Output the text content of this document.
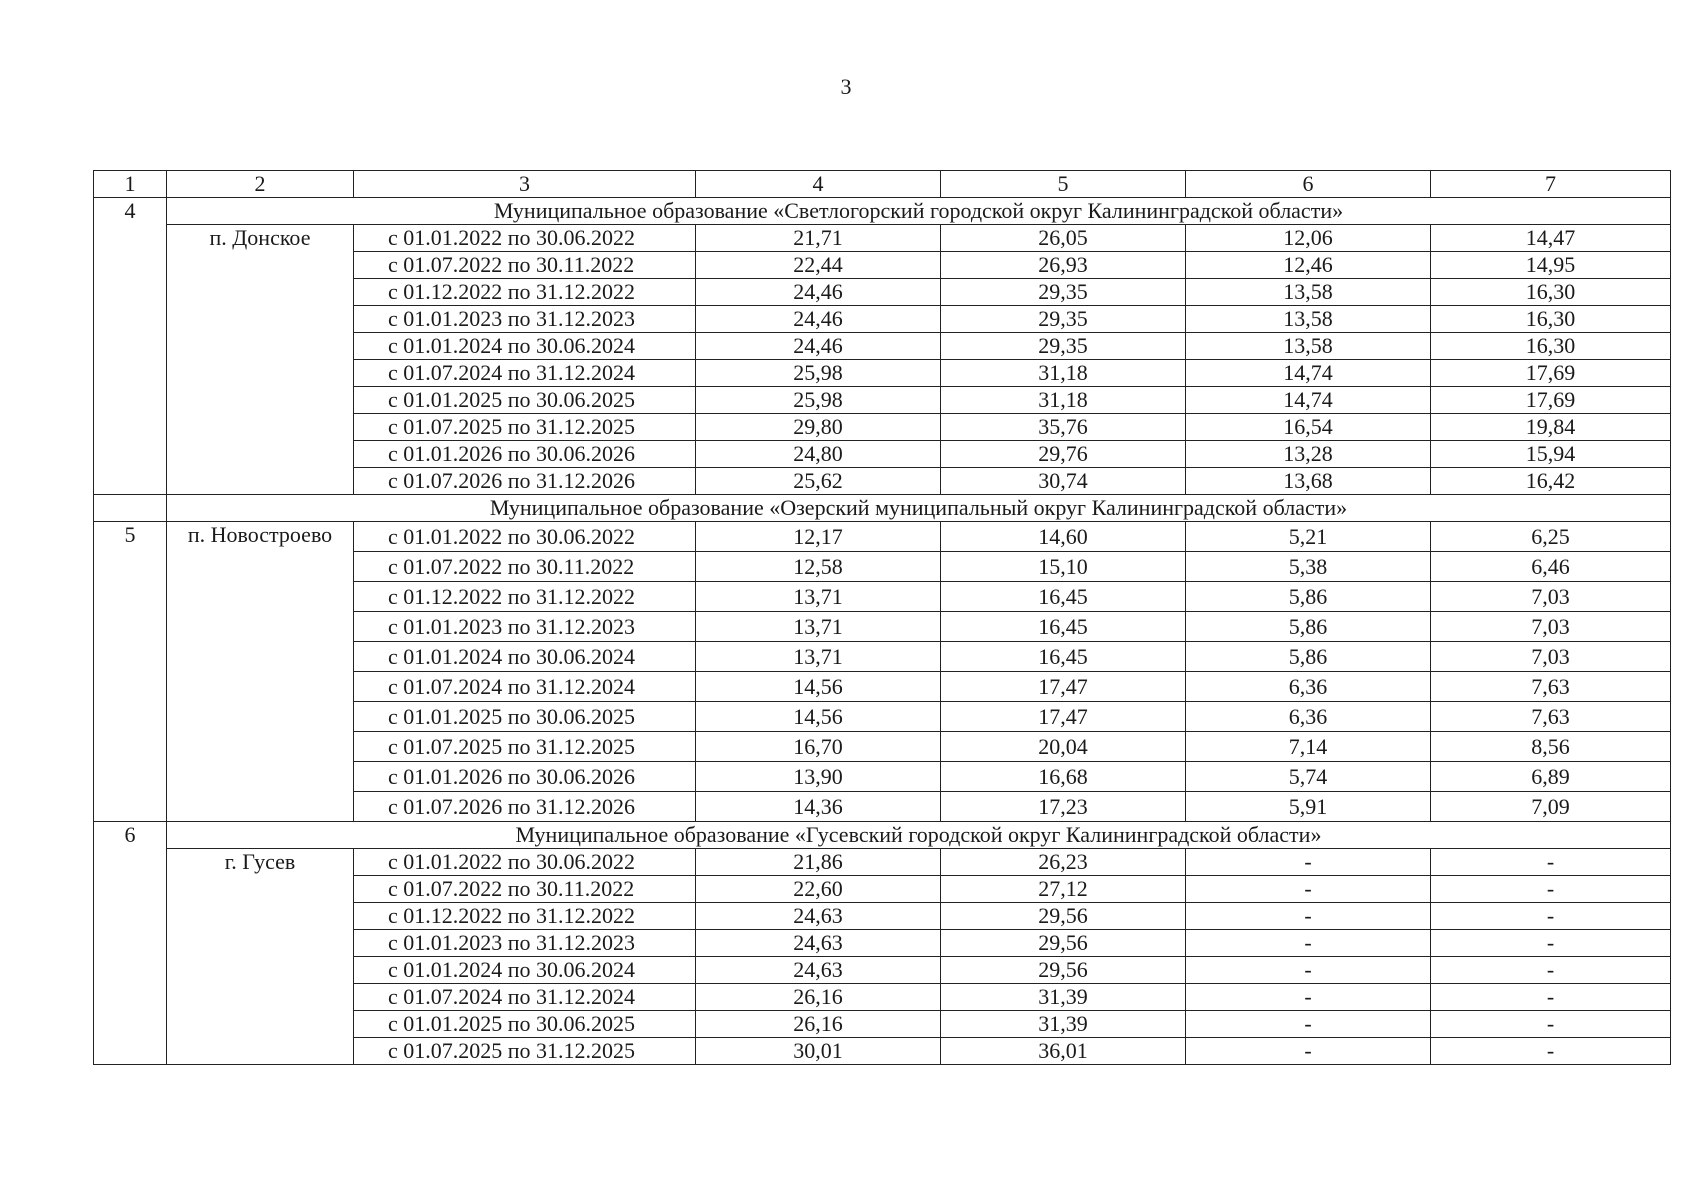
3
1	2	3	4	5	6	7
4	Муниципальное образование «Светлогорский городской округ Калининградской области»					
	п. Донское	с 01.01.2022 по 30.06.2022	21,71	26,05	12,06	14,47
		с 01.07.2022 по 30.11.2022	22,44	26,93	12,46	14,95
		с 01.12.2022 по 31.12.2022	24,46	29,35	13,58	16,30
		с 01.01.2023 по 31.12.2023	24,46	29,35	13,58	16,30
		с 01.01.2024 по 30.06.2024	24,46	29,35	13,58	16,30
		с 01.07.2024 по 31.12.2024	25,98	31,18	14,74	17,69
		с 01.01.2025 по 30.06.2025	25,98	31,18	14,74	17,69
		с 01.07.2025 по 31.12.2025	29,80	35,76	16,54	19,84
		с 01.01.2026 по 30.06.2026	24,80	29,76	13,28	15,94
		с 01.07.2026 по 31.12.2026	25,62	30,74	13,68	16,42
	Муниципальное образование «Озерский муниципальный округ Калининградской области»					
5	п. Новостроево	с 01.01.2022 по 30.06.2022	12,17	14,60	5,21	6,25
		с 01.07.2022 по 30.11.2022	12,58	15,10	5,38	6,46
		с 01.12.2022 по 31.12.2022	13,71	16,45	5,86	7,03
		с 01.01.2023 по 31.12.2023	13,71	16,45	5,86	7,03
		с 01.01.2024 по 30.06.2024	13,71	16,45	5,86	7,03
		с 01.07.2024 по 31.12.2024	14,56	17,47	6,36	7,63
		с 01.01.2025 по 30.06.2025	14,56	17,47	6,36	7,63
		с 01.07.2025 по 31.12.2025	16,70	20,04	7,14	8,56
		с 01.01.2026 по 30.06.2026	13,90	16,68	5,74	6,89
		с 01.07.2026 по 31.12.2026	14,36	17,23	5,91	7,09
6	Муниципальное образование «Гусевский городской округ Калининградской области»					
	г. Гусев	с 01.01.2022 по 30.06.2022	21,86	26,23	-	-
		с 01.07.2022 по 30.11.2022	22,60	27,12	-	-
		с 01.12.2022 по 31.12.2022	24,63	29,56	-	-
		с 01.01.2023 по 31.12.2023	24,63	29,56	-	-
		с 01.01.2024 по 30.06.2024	24,63	29,56	-	-
		с 01.07.2024 по 31.12.2024	26,16	31,39	-	-
		с 01.01.2025 по 30.06.2025	26,16	31,39	-	-
		с 01.07.2025 по 31.12.2025	30,01	36,01	-	-
